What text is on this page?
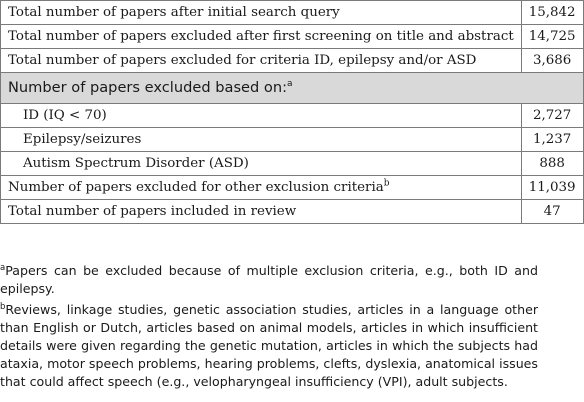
Total number of papers after initial search query	15,842
Total number of papers excluded after first screening on title and abstract	14,725
Total number of papers excluded for criteria ID, epilepsy and/or ASD	3,686
Number of papers excluded based on:$^a$
ID (IQ < 70)	2,727
Epilepsy/seizures	1,237
Autism Spectrum Disorder (ASD)	888
Number of papers excluded for other exclusion criteria$^b$	11,039
Total number of papers included in review	47

$^a$Papers can be excluded because of multiple exclusion criteria, e.g., both ID and epilepsy.

$^b$Reviews, linkage studies, genetic association studies, articles in a language other than English or Dutch, articles based on animal models, articles in which insufficient details were given regarding the genetic mutation, articles in which the subjects had ataxia, motor speech problems, hearing problems, clefts, dyslexia, anatomical issues that could affect speech (e.g., velopharyngeal insufficiency (VPI), adult subjects.
